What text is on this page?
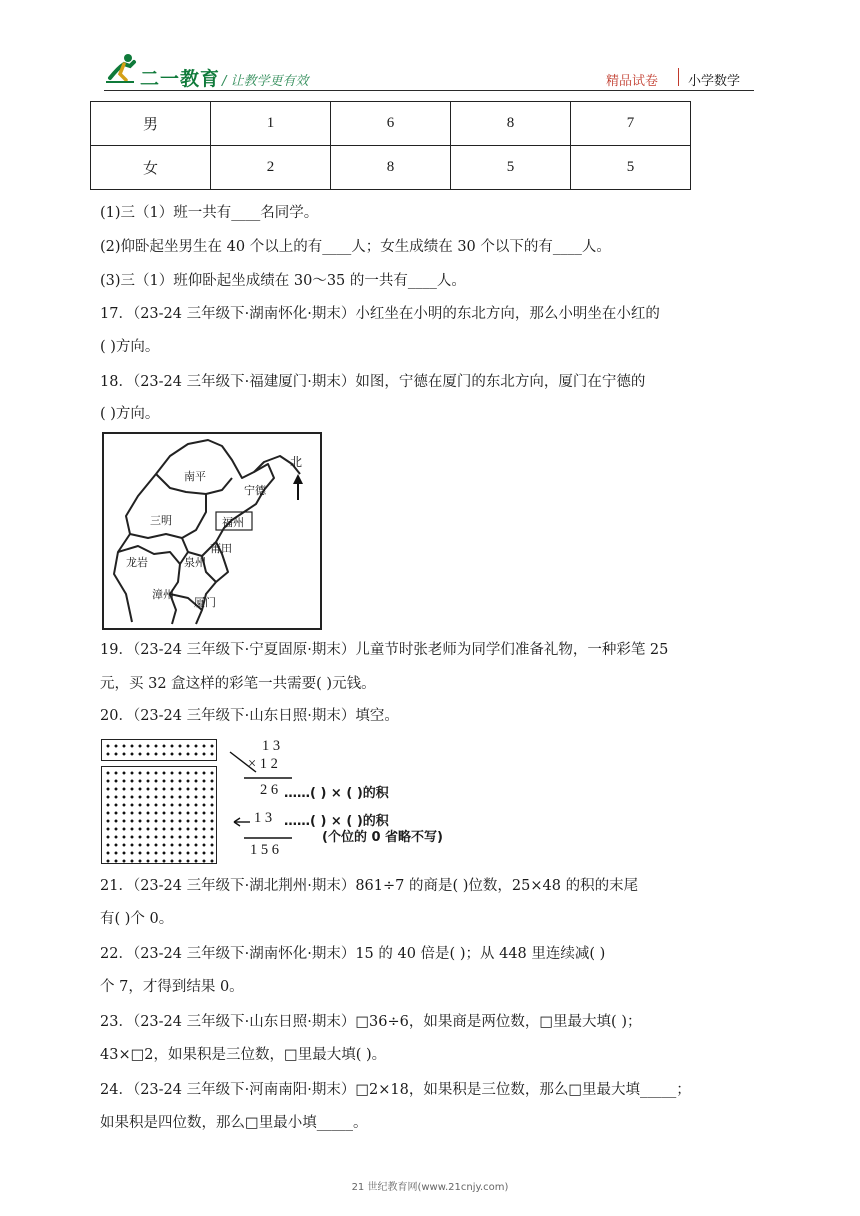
二一教育 / 让教学更有效	精品试卷 小学数学
男	1	6	8	7
女	2	8	5	5
(1)三（1）班一共有____名同学。
(2)仰卧起坐男生在 40 个以上的有____人；女生成绩在 30 个以下的有____人。
(3)三（1）班仰卧起坐成绩在 30～35 的一共有____人。
17．（23-24 三年级下·湖南怀化·期末）小红坐在小明的东北方向，那么小明坐在小红的
( )方向。
18．（23-24 三年级下·福建厦门·期末）如图，宁德在厦门的东北方向，厦门在宁德的
( )方向。
南平
宁德
三明	福州
莆田
龙岩	泉州
漳州
厦门
北
19．（23-24 三年级下·宁夏固原·期末）儿童节时张老师为同学们准备礼物，一种彩笔 25
元，买 32 盒这样的彩笔一共需要( )元钱。
20．（23-24 三年级下·山东日照·期末）填空。
1 3
× 1 2
2 6 ……( ) × ( )的积
1 3 ……( ) × ( )的积
(个位的 0 省略不写)
1 5 6
21．（23-24 三年级下·湖北荆州·期末）861÷7 的商是( )位数，25×48 的积的末尾
有( )个 0。
22．（23-24 三年级下·湖南怀化·期末）15 的 40 倍是( )；从 448 里连续减( )
个 7，才得到结果 0。
23．（23-24 三年级下·山东日照·期末）□36÷6，如果商是两位数，□里最大填( )；
43×□2，如果积是三位数，□里最大填( )。
24．（23-24 三年级下·河南南阳·期末）□2×18，如果积是三位数，那么□里最大填_____；
如果积是四位数，那么□里最小填_____。
21 世纪教育网(www.21cnjy.com)
